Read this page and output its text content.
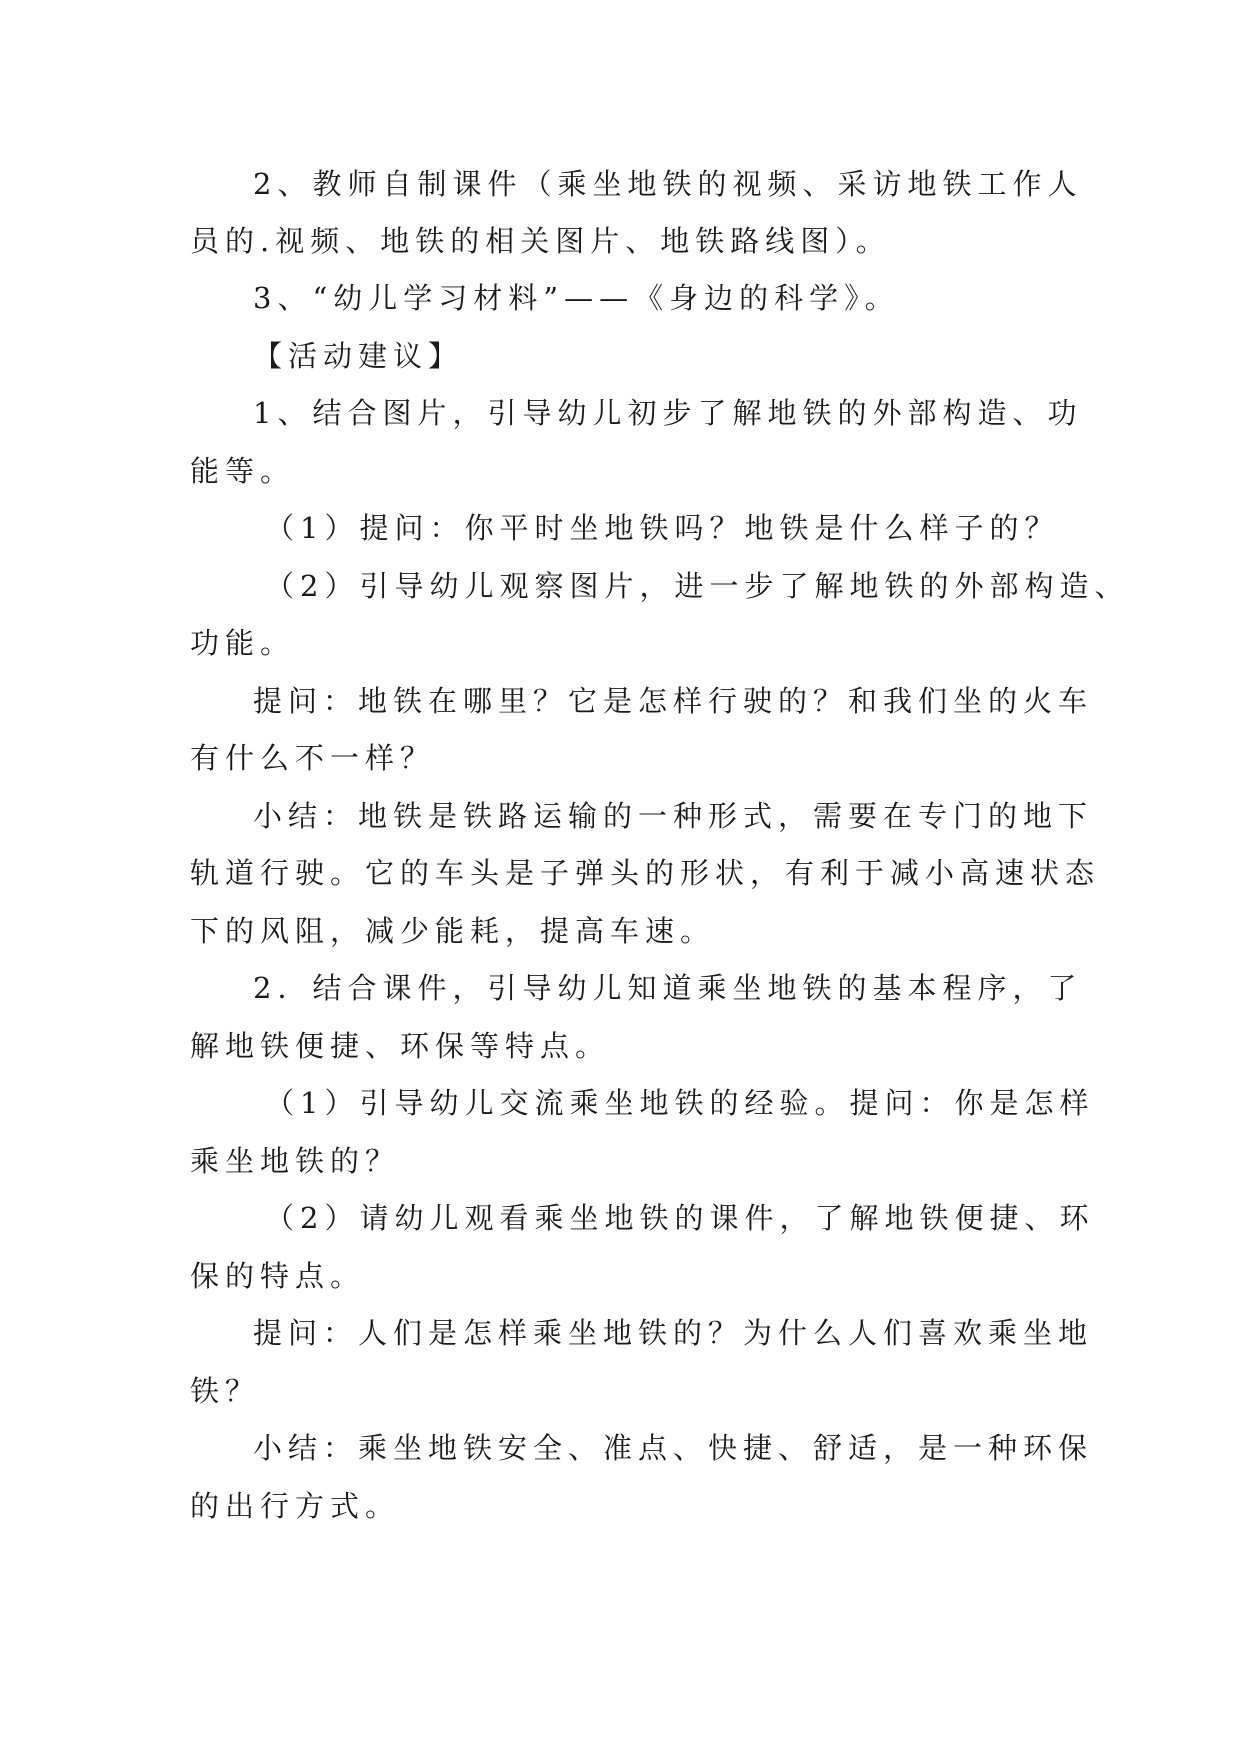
2、教师自制课件（乘坐地铁的视频、采访地铁工作人
员的.视频、地铁的相关图片、地铁路线图）。
3、“幼儿学习材料”——《身边的科学》。
【活动建议】
1、结合图片，引导幼儿初步了解地铁的外部构造、功
能等。
（1）提问：你平时坐地铁吗？地铁是什么样子的？
（2）引导幼儿观察图片，进一步了解地铁的外部构造、
功能。
提问：地铁在哪里？它是怎样行驶的？和我们坐的火车
有什么不一样？
小结：地铁是铁路运输的一种形式，需要在专门的地下
轨道行驶。它的车头是子弹头的形状，有利于减小高速状态
下的风阻，减少能耗，提高车速。
2．结合课件，引导幼儿知道乘坐地铁的基本程序，了
解地铁便捷、环保等特点。
（1）引导幼儿交流乘坐地铁的经验。提问：你是怎样
乘坐地铁的？
（2）请幼儿观看乘坐地铁的课件，了解地铁便捷、环
保的特点。
提问：人们是怎样乘坐地铁的？为什么人们喜欢乘坐地
铁？
小结：乘坐地铁安全、准点、快捷、舒适，是一种环保
的出行方式。
